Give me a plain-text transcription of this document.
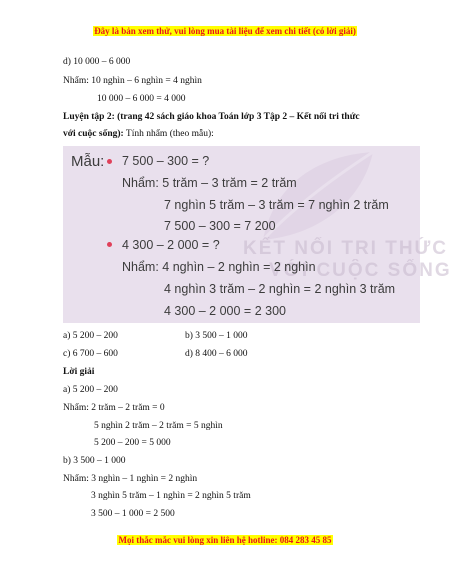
Đây là bản xem thử, vui lòng mua tài liệu để xem chi tiết (có lời giải)
d) 10 000 – 6 000
Nhẩm: 10 nghìn – 6 nghìn = 4 nghìn
10 000 – 6 000 = 4 000
Luyện tập 2: (trang 42 sách giáo khoa Toán lớp 3 Tập 2 – Kết nối tri thức
với cuộc sống): Tính nhẩm (theo mẫu):
KẾT NỐI TRI THỨC
VỚI CUỘC SỐNG
Mẫu: 7 500 – 300 = ?
Nhẩm: 5 trăm – 3 trăm = 2 trăm
7 nghìn 5 trăm – 3 trăm = 7 nghìn 2 trăm
7 500 – 300 = 7 200
4 300 – 2 000 = ?
Nhẩm: 4 nghìn – 2 nghìn = 2 nghìn
4 nghìn 3 trăm – 2 nghìn = 2 nghìn 3 trăm
4 300 – 2 000 = 2 300
a) 5 200 – 200	b) 3 500 – 1 000
c) 6 700 – 600	d) 8 400 – 6 000
Lời giải
a) 5 200 – 200
Nhẩm: 2 trăm – 2 trăm = 0
5 nghìn 2 trăm – 2 trăm = 5 nghìn
5 200 – 200 = 5 000
b) 3 500 – 1 000
Nhẩm: 3 nghìn – 1 nghìn = 2 nghìn
3 nghìn 5 trăm – 1 nghìn = 2 nghìn 5 trăm
3 500 – 1 000 = 2 500
Mọi thắc mắc vui lòng xin liên hệ hotline: 084 283 45 85
